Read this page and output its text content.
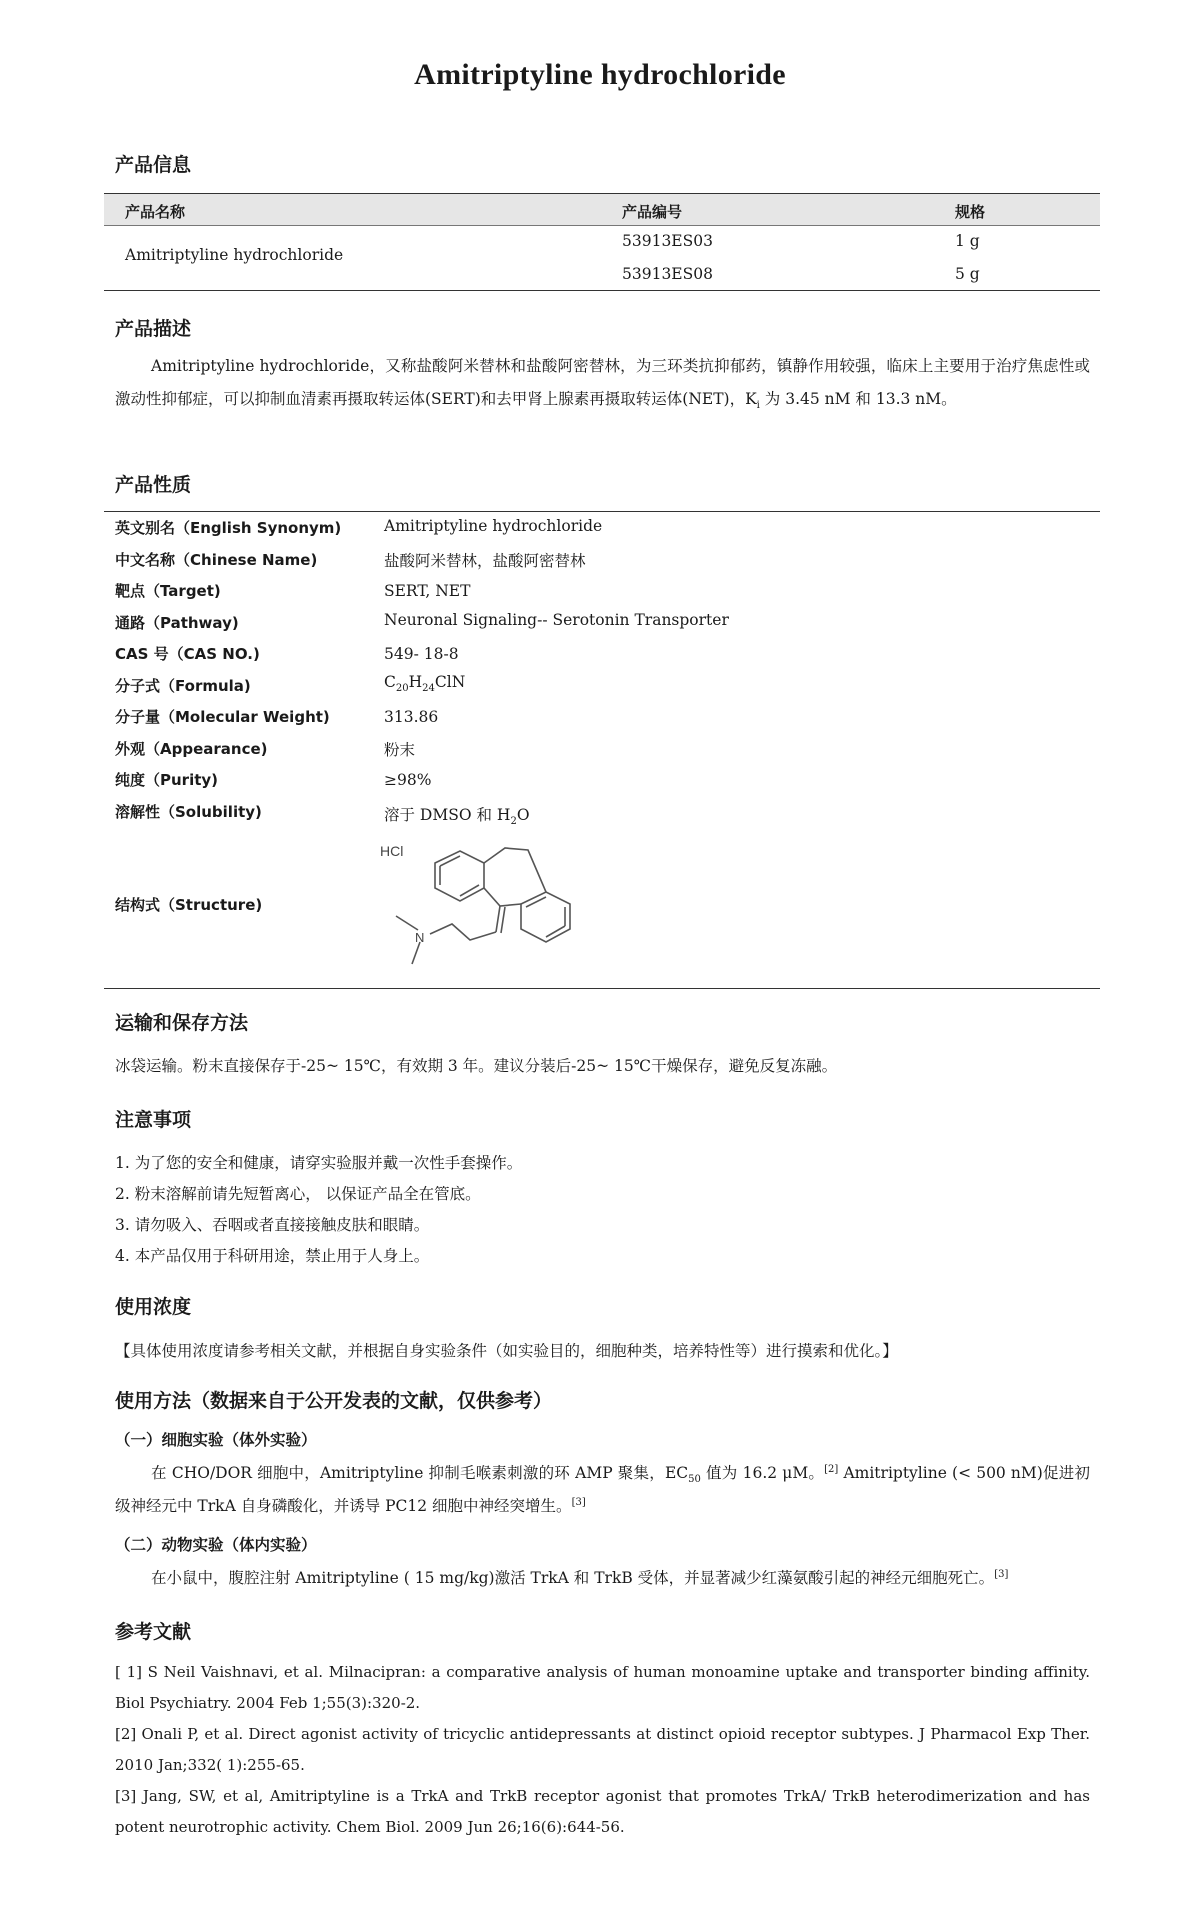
Amitriptyline hydrochloride
产品信息
产品名称	产品编号	规格
Amitriptyline hydrochloride
53913ES03	1 g
53913ES08	5 g
产品描述
Amitriptyline hydrochloride，又称盐酸阿米替林和盐酸阿密替林，为三环类抗抑郁药，镇静作用较强，临床上主要用于治疗焦虑性或激动性抑郁症，可以抑制血清素再摄取转运体(SERT)和去甲肾上腺素再摄取转运体(NET)，$K_i$ 为 3.45 nM 和 13.3 nM。
产品性质
英文别名（English Synonym)	Amitriptyline hydrochloride
中文名称（Chinese Name)	盐酸阿米替林，盐酸阿密替林
靶点（Target)	SERT, NET
通路（Pathway)	Neuronal Signaling-- Serotonin Transporter
CAS 号（CAS NO.)	549- 18-8
分子式（Formula)	$C_{20}H_{24}ClN$
分子量（Molecular Weight)	313.86
外观（Appearance)	粉末
纯度（Purity)	≥98%
溶解性（Solubility)	溶于 DMSO 和 $H_2O$
结构式（Structure)
HCl
N
运输和保存方法
冰袋运输。粉末直接保存于-25~ 15℃，有效期 3 年。建议分装后-25~ 15℃干燥保存，避免反复冻融。
注意事项
1. 为了您的安全和健康，请穿实验服并戴一次性手套操作。
2. 粉末溶解前请先短暂离心， 以保证产品全在管底。
3. 请勿吸入、吞咽或者直接接触皮肤和眼睛。
4. 本产品仅用于科研用途，禁止用于人身上。
使用浓度
【具体使用浓度请参考相关文献，并根据自身实验条件（如实验目的，细胞种类，培养特性等）进行摸索和优化。】
使用方法（数据来自于公开发表的文献，仅供参考）
（一）细胞实验（体外实验）
在 CHO/DOR 细胞中，Amitriptyline 抑制毛喉素刺激的环 AMP 聚集，$EC_{50}$ 值为 16.2 μM。[2] Amitriptyline (< 500 nM)促进初级神经元中 TrkA 自身磷酸化，并诱导 PC12 细胞中神经突增生。[3]
（二）动物实验（体内实验）
在小鼠中，腹腔注射 Amitriptyline ( 15 mg/kg)激活 TrkA 和 TrkB 受体，并显著减少红藻氨酸引起的神经元细胞死亡。[3]
参考文献
[ 1] S Neil Vaishnavi, et al. Milnacipran: a comparative analysis of human monoamine uptake and transporter binding affinity. Biol Psychiatry. 2004 Feb 1;55(3):320-2.
[2] Onali P, et al. Direct agonist activity of tricyclic antidepressants at distinct opioid receptor subtypes. J Pharmacol Exp Ther. 2010 Jan;332( 1):255-65.
[3] Jang, SW, et al, Amitriptyline is a TrkA and TrkB receptor agonist that promotes TrkA/ TrkB heterodimerization and has potent neurotrophic activity. Chem Biol. 2009 Jun 26;16(6):644-56.
